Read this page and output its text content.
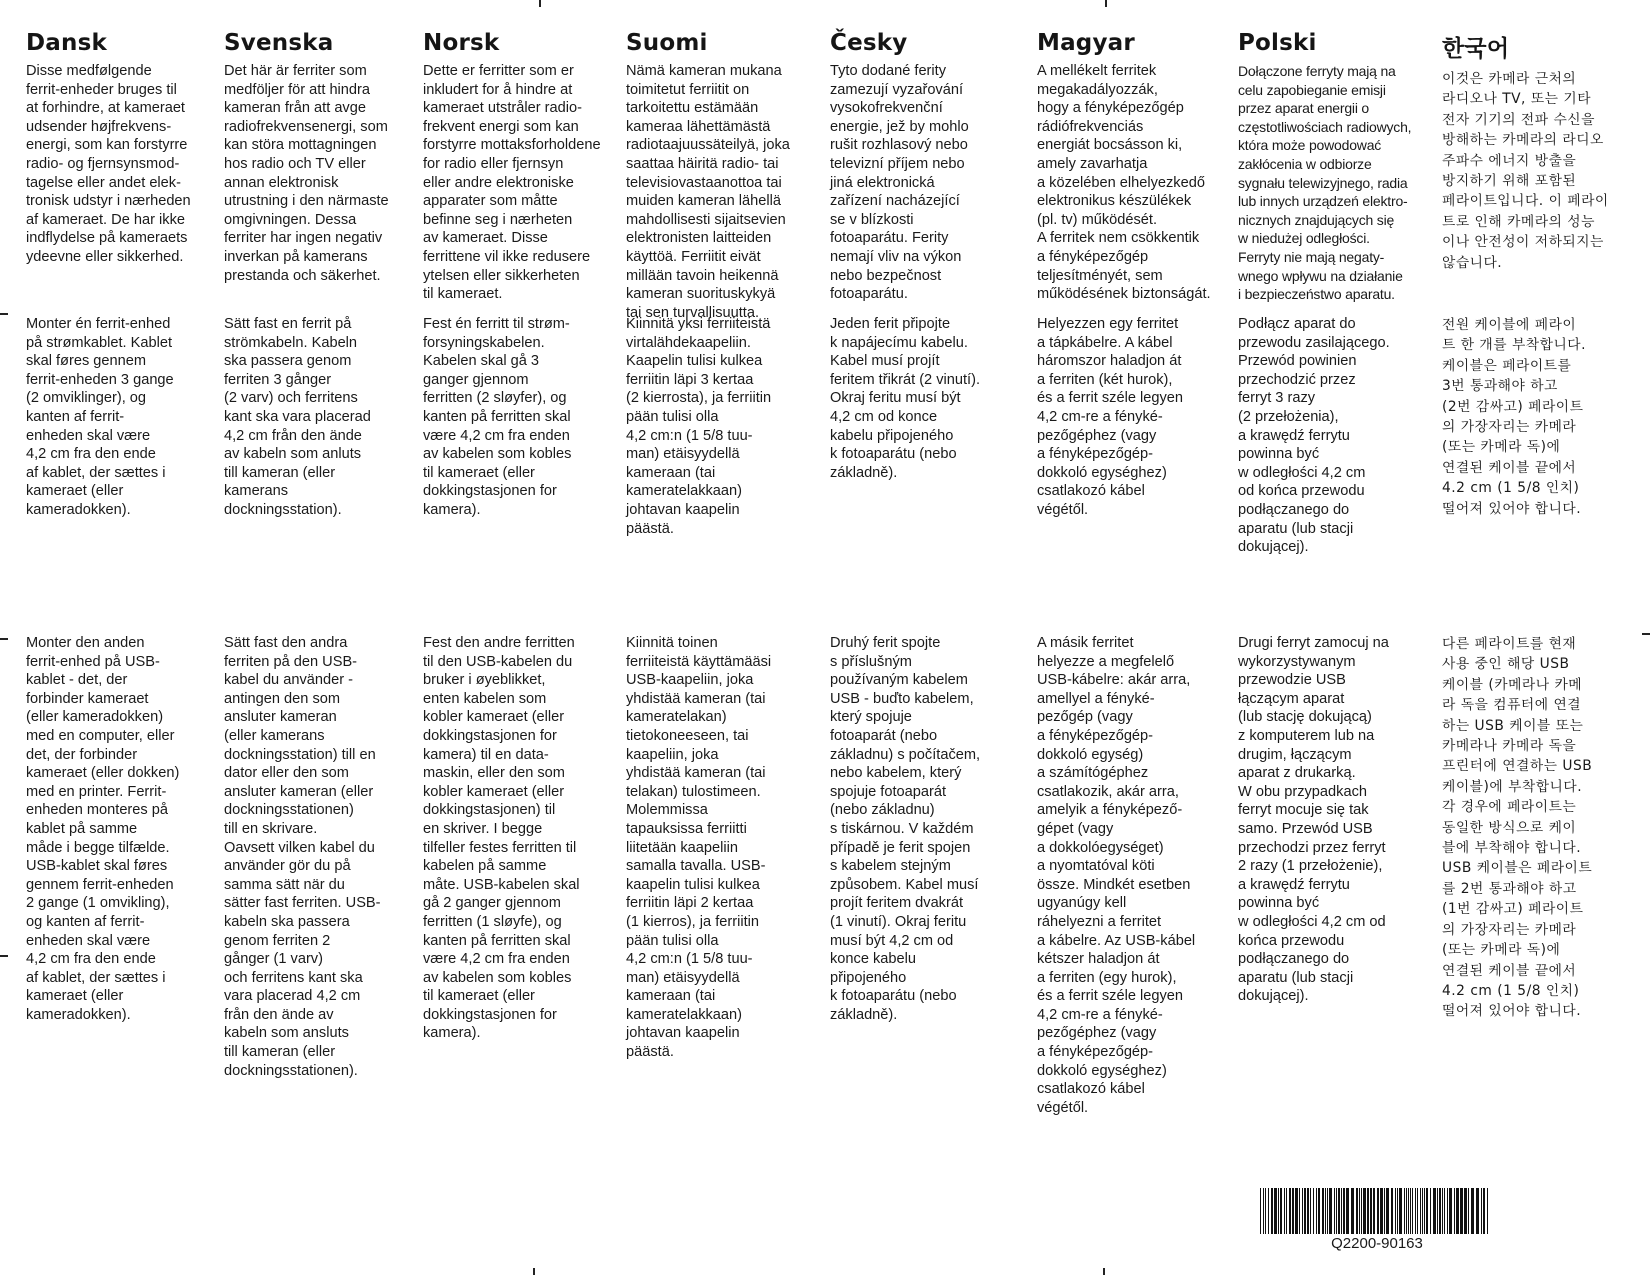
Dansk

Disse medfølgende
ferrit-enheder bruges til
at forhindre, at kameraet
udsender højfrekvens-
energi, som kan forstyrre
radio- og fjernsynsmod-
tagelse eller andet elek-
tronisk udstyr i nærheden
af kameraet. De har ikke
indflydelse på kameraets
ydeevne eller sikkerhed.

Monter én ferrit-enhed
på strømkablet. Kablet
skal føres gennem
ferrit-enheden 3 gange
(2 omviklinger), og
kanten af ferrit-
enheden skal være
4,2 cm fra den ende
af kablet, der sættes i
kameraet (eller
kameradokken).

Monter den anden
ferrit-enhed på USB-
kablet - det, der
forbinder kameraet
(eller kameradokken)
med en computer, eller
det, der forbinder
kameraet (eller dokken)
med en printer. Ferrit-
enheden monteres på
kablet på samme
måde i begge tilfælde.
USB-kablet skal føres
gennem ferrit-enheden
2 gange (1 omvikling),
og kanten af ferrit-
enheden skal være
4,2 cm fra den ende
af kablet, der sættes i
kameraet (eller
kameradokken).

Svenska

Det här är ferriter som
medföljer för att hindra
kameran från att avge
radiofrekvensenergi, som
kan störa mottagningen
hos radio och TV eller
annan elektronisk
utrustning i den närmaste
omgivningen. Dessa
ferriter har ingen negativ
inverkan på kamerans
prestanda och säkerhet.

Sätt fast en ferrit på
strömkabeln. Kabeln
ska passera genom
ferriten 3 gånger
(2 varv) och ferritens
kant ska vara placerad
4,2 cm från den ände
av kabeln som anluts
till kameran (eller
kamerans
dockningsstation).

Sätt fast den andra
ferriten på den USB-
kabel du använder -
antingen den som
ansluter kameran
(eller kamerans
dockningsstation) till en
dator eller den som
ansluter kameran (eller
dockningsstationen)
till en skrivare.
Oavsett vilken kabel du
använder gör du på
samma sätt när du
sätter fast ferriten. USB-
kabeln ska passera
genom ferriten 2
gånger (1 varv)
och ferritens kant ska
vara placerad 4,2 cm
från den ände av
kabeln som ansluts
till kameran (eller
dockningsstationen).

Norsk

Dette er ferritter som er
inkludert for å hindre at
kameraet utstråler radio-
frekvent energi som kan
forstyrre mottaksforholdene
for radio eller fjernsyn
eller andre elektroniske
apparater som måtte
befinne seg i nærheten
av kameraet. Disse
ferrittene vil ikke redusere
ytelsen eller sikkerheten
til kameraet.

Fest én ferritt til strøm-
forsyningskabelen.
Kabelen skal gå 3
ganger gjennom
ferritten (2 sløyfer), og
kanten på ferritten skal
være 4,2 cm fra enden
av kabelen som kobles
til kameraet (eller
dokkingstasjonen for
kamera).

Fest den andre ferritten
til den USB-kabelen du
bruker i øyeblikket,
enten kabelen som
kobler kameraet (eller
dokkingstasjonen for
kamera) til en data-
maskin, eller den som
kobler kameraet (eller
dokkingstasjonen) til
en skriver. I begge
tilfeller festes ferritten til
kabelen på samme
måte. USB-kabelen skal
gå 2 ganger gjennom
ferritten (1 sløyfe), og
kanten på ferritten skal
være 4,2 cm fra enden
av kabelen som kobles
til kameraet (eller
dokkingstasjonen for
kamera).

Suomi

Nämä kameran mukana
toimitetut ferriitit on
tarkoitettu estämään
kameraa lähettämästä
radiotaajuussäteilyä, joka
saattaa häiritä radio- tai
televisiovastaanottoa tai
muiden kameran lähellä
mahdollisesti sijaitsevien
elektronisten laitteiden
käyttöä. Ferriitit eivät
millään tavoin heikennä
kameran suorituskykyä
tai sen turvallisuutta.

Kiinnitä yksi ferriiteistä
virtalähdekaapeliin.
Kaapelin tulisi kulkea
ferriitin läpi 3 kertaa
(2 kierrosta), ja ferriitin
pään tulisi olla
4,2 cm:n (1 5/8 tuu-
man) etäisyydellä
kameraan (tai
kameratelakkaan)
johtavan kaapelin
päästä.

Kiinnitä toinen
ferriiteistä käyttämääsi
USB-kaapeliin, joka
yhdistää kameran (tai
kameratelakan)
tietokoneeseen, tai
kaapeliin, joka
yhdistää kameran (tai
telakan) tulostimeen.
Molemmissa
tapauksissa ferriitti
liitetään kaapeliin
samalla tavalla. USB-
kaapelin tulisi kulkea
ferriitin läpi 2 kertaa
(1 kierros), ja ferriitin
pään tulisi olla
4,2 cm:n (1 5/8 tuu-
man) etäisyydellä
kameraan (tai
kameratelakkaan)
johtavan kaapelin
päästä.

Česky

Tyto dodané ferity
zamezují vyzařování
vysokofrekvenční
energie, jež by mohlo
rušit rozhlasový nebo
televizní příjem nebo
jiná elektronická
zařízení nacházející
se v blízkosti
fotoaparátu. Ferity
nemají vliv na výkon
nebo bezpečnost
fotoaparátu.

Jeden ferit připojte
k napájecímu kabelu.
Kabel musí projít
feritem třikrát (2 vinutí).
Okraj feritu musí být
4,2 cm od konce
kabelu připojeného
k fotoaparátu (nebo
základně).

Druhý ferit spojte
s příslušným
používaným kabelem
USB - buďto kabelem,
který spojuje
fotoaparát (nebo
základnu) s počítačem,
nebo kabelem, který
spojuje fotoaparát
(nebo základnu)
s tiskárnou. V každém
případě je ferit spojen
s kabelem stejným
způsobem. Kabel musí
projít feritem dvakrát
(1 vinutí). Okraj feritu
musí být 4,2 cm od
konce kabelu
připojeného
k fotoaparátu (nebo
základně).

Magyar

A mellékelt ferritek
megakadályozzák,
hogy a fényképezőgép
rádiófrekvenciás
energiát bocsásson ki,
amely zavarhatja
a közelében elhelyezkedő
elektronikus készülékek
(pl. tv) működését.
A ferritek nem csökkentik
a fényképezőgép
teljesítményét, sem
működésének biztonságát.

Helyezzen egy ferritet
a tápkábelre. A kábel
háromszor haladjon át
a ferriten (két hurok),
és a ferrit széle legyen
4,2 cm-re a fényké-
pezőgéphez (vagy
a fényképezőgép-
dokkoló egységhez)
csatlakozó kábel
végétől.

A másik ferritet
helyezze a megfelelő
USB-kábelre: akár arra,
amellyel a fényké-
pezőgép (vagy
a fényképezőgép-
dokkoló egység)
a számítógéphez
csatlakozik, akár arra,
amelyik a fényképező-
gépet (vagy
a dokkolóegységet)
a nyomtatóval köti
össze. Mindkét esetben
ugyanúgy kell
ráhelyezni a ferritet
a kábelre. Az USB-kábel
kétszer haladjon át
a ferriten (egy hurok),
és a ferrit széle legyen
4,2 cm-re a fényké-
pezőgéphez (vagy
a fényképezőgép-
dokkoló egységhez)
csatlakozó kábel
végétől.

Polski

Dołączone ferryty mają na
celu zapobieganie emisji
przez aparat energii o
częstotliwościach radiowych,
która może powodować
zakłócenia w odbiorze
sygnału telewizyjnego, radia
lub innych urządzeń elektro-
nicznych znajdujących się
w niedużej odległości.
Ferryty nie mają negaty-
wnego wpływu na działanie
i bezpieczeństwo aparatu.

Podłącz aparat do
przewodu zasilającego.
Przewód powinien
przechodzić przez
ferryt 3 razy
(2 przełożenia),
a krawędź ferrytu
powinna być
w odległości 4,2 cm
od końca przewodu
podłączanego do
aparatu (lub stacji
dokującej).

Drugi ferryt zamocuj na
wykorzystywanym
przewodzie USB
łączącym aparat
(lub stację dokującą)
z komputerem lub na
drugim, łączącym
aparat z drukarką.
W obu przypadkach
ferryt mocuje się tak
samo. Przewód USB
przechodzi przez ferryt
2 razy (1 przełożenie),
a krawędź ferrytu
powinna być
w odległości 4,2 cm od
końca przewodu
podłączanego do
aparatu (lub stacji
dokującej).

한국어

이것은 카메라 근처의
라디오나 TV, 또는 기타
전자 기기의 전파 수신을
방해하는 카메라의 라디오
주파수 에너지 방출을
방지하기 위해 포함된
페라이트입니다. 이 페라이
트로 인해 카메라의 성능
이나 안전성이 저하되지는
않습니다.

전원 케이블에 페라이
트 한 개를 부착합니다.
케이블은 페라이트를
3번 통과해야 하고
(2번 감싸고) 페라이트
의 가장자리는 카메라
(또는 카메라 독)에
연결된 케이블 끝에서
4.2 cm (1 5/8 인치)
떨어져 있어야 합니다.

다른 페라이트를 현재
사용 중인 해당 USB
케이블 (카메라나 카메
라 독을 컴퓨터에 연결
하는 USB 케이블 또는
카메라나 카메라 독을
프린터에 연결하는 USB
케이블)에 부착합니다.
각 경우에 페라이트는
동일한 방식으로 케이
블에 부착해야 합니다.
USB 케이블은 페라이트
를 2번 통과해야 하고
(1번 감싸고) 페라이트
의 가장자리는 카메라
(또는 카메라 독)에
연결된 케이블 끝에서
4.2 cm (1 5/8 인치)
떨어져 있어야 합니다.

Q2200-90163
